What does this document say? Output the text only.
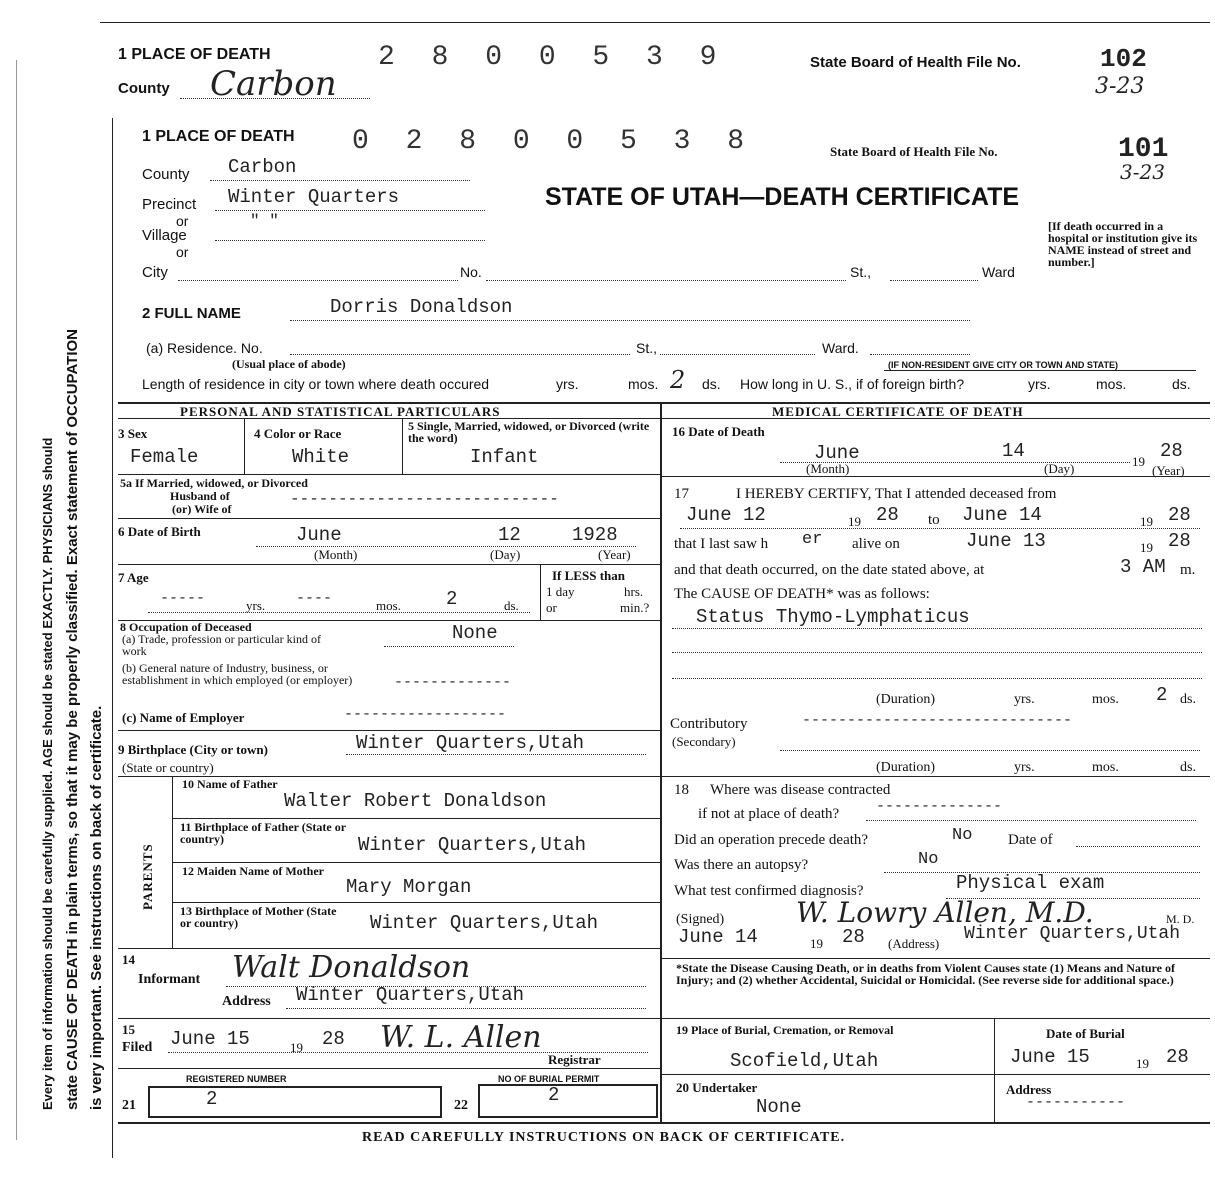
1 PLACE OF DEATH
County Carbon
2 8 0 0 5 3 9	State Board of Health File No.	102
3-23
Every item of information should be carefully supplied. AGE should be stated EXACTLY. PHYSICIANS should state CAUSE OF DEATH in plain terms, so that it may be properly classified. Exact statement of OCCUPATION is very important. See instructions on back of certificate.
1 PLACE OF DEATH 0 2 8 0 0 5 3 8	State Board of Health File No.	101
3-23
STATE OF UTAH—DEATH CERTIFICATE
County Carbon
Precinct Winter Quarters
or
Village
" "
or
City	No.	St.,	Ward
[If death occurred in a hospital or institution give its NAME instead of street and number.]
2 FULL NAME	Dorris Donaldson
(a) Residence. No.	St.,	Ward.
(Usual place of abode)	(IF NON-RESIDENT GIVE CITY OR TOWN AND STATE)
Length of residence in city or town where death occured	yrs.	mos. 2 ds. How long in U. S., if of foreign birth?	yrs.	mos.	ds.
PERSONAL AND STATISTICAL PARTICULARS	MEDICAL CERTIFICATE OF DEATH
3 Sex
Female
4 Color or Race
White
5 Single, Married, widowed, or Divorced (write the word)
Infant
5a If Married, widowed, or Divorced
Husband of
(or) Wife of
----------------------------
6 Date of Birth	June	12	1928
(Month)	(Day)	(Year)
7 Age
-----	yrs. ----	mos. 2	ds.
If LESS than
1 day	hrs.
or	min.?
8 Occupation of Deceased
(a) Trade, profession or particular kind of work
None
(b) General nature of Industry, business, or establishment in which employed (or employer)	-------------
(c) Name of Employer	------------------
9 Birthplace (City or town)
(State or country)
Winter Quarters,Utah
PARENTS
10 Name of Father
Walter Robert Donaldson
11 Birthplace of Father (State or country)	Winter Quarters,Utah
12 Maiden Name of Mother
Mary Morgan
13 Birthplace of Mother (State or country)	Winter Quarters,Utah
14
Informant Walt Donaldson
Address Winter Quarters,Utah
15
Filed June 15	19 28 W. L. Allen
Registrar
16 Date of Death
June	14	19 28
(Month)	(Day)	(Year)
17	I HEREBY CERTIFY, That I attended deceased from
June 12	19 28 to June 14	19 28
that I last saw h er alive on	June 13	19 28
and that death occurred, on the date stated above, at	3 AM m.
The CAUSE OF DEATH* was as follows:
Status Thymo-Lymphaticus
(Duration)	yrs.	mos. 2 ds.
Contributory
(Secondary)
------------------------------
(Duration)	yrs.	mos.	ds.
18 Where was disease contracted
if not at place of death? --------------
Did an operation precede death?	No Date of
Was there an autopsy?	No
What test confirmed diagnosis?	Physical exam
(Signed)	W. Lowry Allen, M.D.	M. D.
June 14	19 28 (Address) Winter Quarters,Utah
*State the Disease Causing Death, or in deaths from Violent Causes state (1) Means and Nature of Injury; and (2) whether Accidental, Suicidal or Homicidal. (See reverse side for additional space.)
19 Place of Burial, Cremation, or Removal
Scofield,Utah
Date of Burial
June 15	19 28
20 Undertaker
None
Address
-----------
REGISTERED NUMBER
21	2
NO OF BURIAL PERMIT
22	2
READ CAREFULLY INSTRUCTIONS ON BACK OF CERTIFICATE.
